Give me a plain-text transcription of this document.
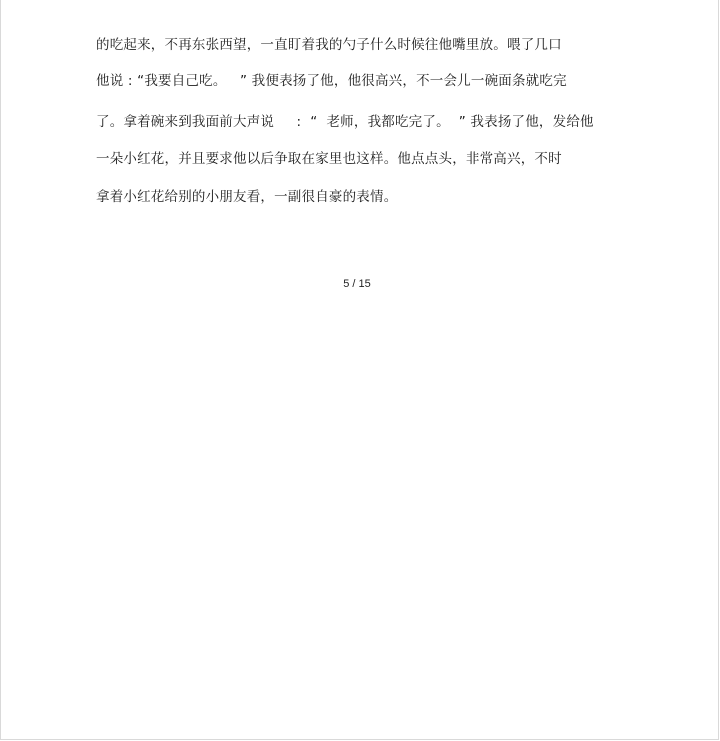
的吃起来，不再东张西望，一直盯着我的勺子什么时候往他嘴里放。喂了几口
他说 : “我要自己吃。   ” 我便表扬了他，他很高兴，不一会儿一碗面条就吃完
了。拿着碗来到我面前大声说     :  “  老师，我都吃完了。  ” 我表扬了他，发给他
一朵小红花，并且要求他以后争取在家里也这样。他点点头，非常高兴，不时
拿着小红花给别的小朋友看，一副很自豪的表情。
5 / 15
